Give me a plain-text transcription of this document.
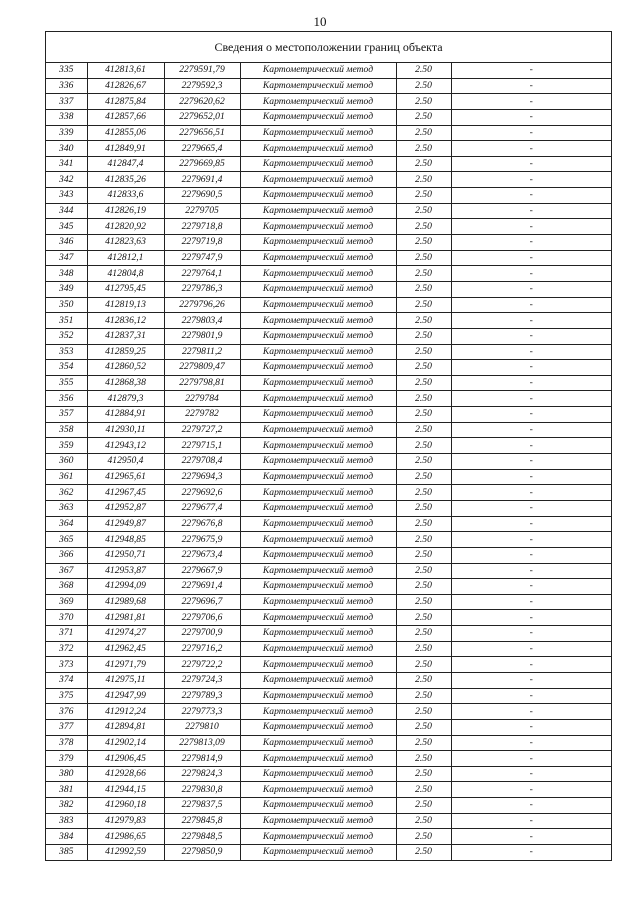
10
Сведения о местоположении границ объекта
335	412813,61	2279591,79	Картометрический метод	2.50	-
336	412826,67	2279592,3	Картометрический метод	2.50	-
337	412875,84	2279620,62	Картометрический метод	2.50	-
338	412857,66	2279652,01	Картометрический метод	2.50	-
339	412855,06	2279656,51	Картометрический метод	2.50	-
340	412849,91	2279665,4	Картометрический метод	2.50	-
341	412847,4	2279669,85	Картометрический метод	2.50	-
342	412835,26	2279691,4	Картометрический метод	2.50	-
343	412833,6	2279690,5	Картометрический метод	2.50	-
344	412826,19	2279705	Картометрический метод	2.50	-
345	412820,92	2279718,8	Картометрический метод	2.50	-
346	412823,63	2279719,8	Картометрический метод	2.50	-
347	412812,1	2279747,9	Картометрический метод	2.50	-
348	412804,8	2279764,1	Картометрический метод	2.50	-
349	412795,45	2279786,3	Картометрический метод	2.50	-
350	412819,13	2279796,26	Картометрический метод	2.50	-
351	412836,12	2279803,4	Картометрический метод	2.50	-
352	412837,31	2279801,9	Картометрический метод	2.50	-
353	412859,25	2279811,2	Картометрический метод	2.50	-
354	412860,52	2279809,47	Картометрический метод	2.50	-
355	412868,38	2279798,81	Картометрический метод	2.50	-
356	412879,3	2279784	Картометрический метод	2.50	-
357	412884,91	2279782	Картометрический метод	2.50	-
358	412930,11	2279727,2	Картометрический метод	2.50	-
359	412943,12	2279715,1	Картометрический метод	2.50	-
360	412950,4	2279708,4	Картометрический метод	2.50	-
361	412965,61	2279694,3	Картометрический метод	2.50	-
362	412967,45	2279692,6	Картометрический метод	2.50	-
363	412952,87	2279677,4	Картометрический метод	2.50	-
364	412949,87	2279676,8	Картометрический метод	2.50	-
365	412948,85	2279675,9	Картометрический метод	2.50	-
366	412950,71	2279673,4	Картометрический метод	2.50	-
367	412953,87	2279667,9	Картометрический метод	2.50	-
368	412994,09	2279691,4	Картометрический метод	2.50	-
369	412989,68	2279696,7	Картометрический метод	2.50	-
370	412981,81	2279706,6	Картометрический метод	2.50	-
371	412974,27	2279700,9	Картометрический метод	2.50	-
372	412962,45	2279716,2	Картометрический метод	2.50	-
373	412971,79	2279722,2	Картометрический метод	2.50	-
374	412975,11	2279724,3	Картометрический метод	2.50	-
375	412947,99	2279789,3	Картометрический метод	2.50	-
376	412912,24	2279773,3	Картометрический метод	2.50	-
377	412894,81	2279810	Картометрический метод	2.50	-
378	412902,14	2279813,09	Картометрический метод	2.50	-
379	412906,45	2279814,9	Картометрический метод	2.50	-
380	412928,66	2279824,3	Картометрический метод	2.50	-
381	412944,15	2279830,8	Картометрический метод	2.50	-
382	412960,18	2279837,5	Картометрический метод	2.50	-
383	412979,83	2279845,8	Картометрический метод	2.50	-
384	412986,65	2279848,5	Картометрический метод	2.50	-
385	412992,59	2279850,9	Картометрический метод	2.50	-
